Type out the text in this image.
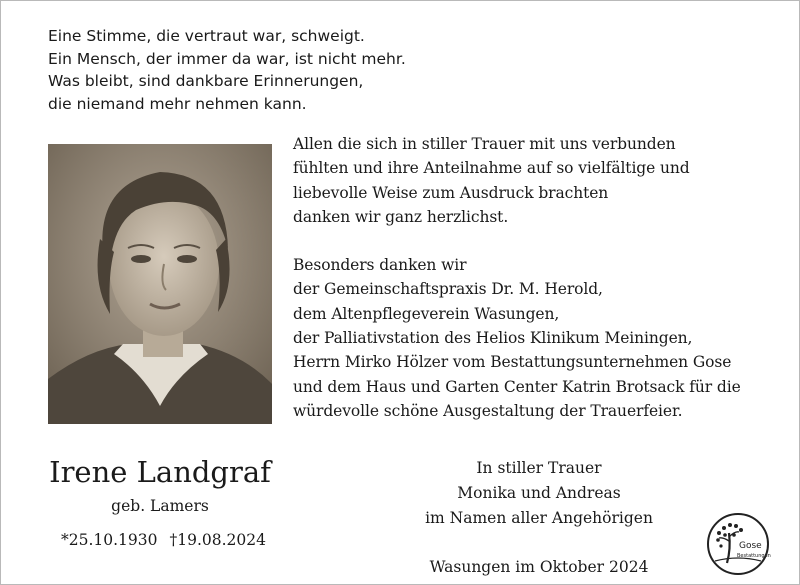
Eine Stimme, die vertraut war, schweigt.
Ein Mensch, der immer da war, ist nicht mehr.
Was bleibt, sind dankbare Erinnerungen,
die niemand mehr nehmen kann.
Allen die sich in stiller Trauer mit uns verbunden
fühlten und ihre Anteilnahme auf so vielfältige und
liebevolle Weise zum Ausdruck brachten
danken wir ganz herzlichst.
Besonders danken wir
der Gemeinschaftspraxis Dr. M. Herold,
dem Altenpflegeverein Wasungen,
der Palliativstation des Helios Klinikum Meiningen,
Herrn Mirko Hölzer vom Bestattungsunternehmen Gose
und dem Haus und Garten Center Katrin Brotsack für die
würdevolle schöne Ausgestaltung der Trauerfeier.
Irene Landgraf
geb. Lamers
*25.10.1930 †19.08.2024
In stiller Trauer
Monika und Andreas
im Namen aller Angehörigen
Wasungen im Oktober 2024
Gose
Bestattungen
